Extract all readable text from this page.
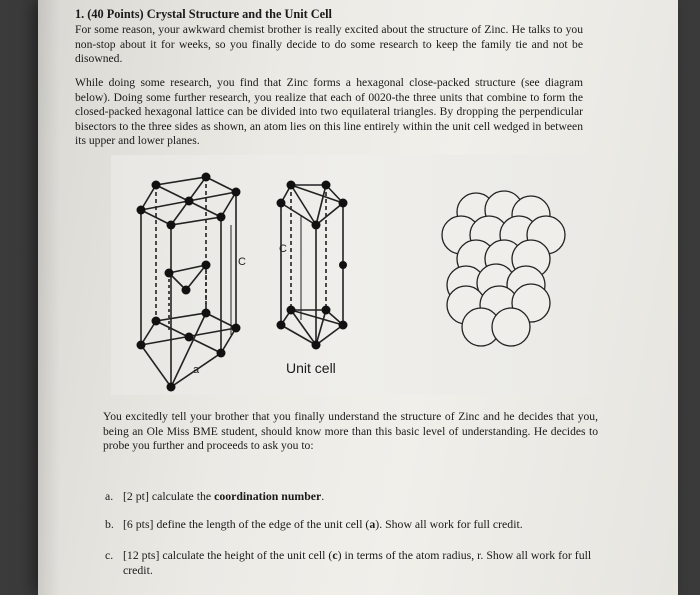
1. (40 Points) Crystal Structure and the Unit Cell
For some reason, your awkward chemist brother is really excited about the structure of Zinc. He talks to you non-stop about it for weeks, so you finally decide to do some research to keep the family tie and not be disowned.
While doing some research, you find that Zinc forms a hexagonal close-packed structure (see diagram below). Doing some further research, you realize that each of 0020-the three units that combine to form the closed-packed hexagonal lattice can be divided into two equilateral triangles. By dropping the perpendicular bisectors to the three sides as shown, an atom lies on this line entirely within the unit cell wedged in between its upper and lower planes.
C
C
a	Unit cell
You excitedly tell your brother that you finally understand the structure of Zinc and he decides that you, being an Ole Miss BME student, should know more than this basic level of understanding. He decides to probe you further and proceeds to ask you to:
a. [2 pt] calculate the coordination number.
b. [6 pts] define the length of the edge of the unit cell (a). Show all work for full credit.
c. [12 pts] calculate the height of the unit cell (c) in terms of the atom radius, r. Show all work for full credit.
